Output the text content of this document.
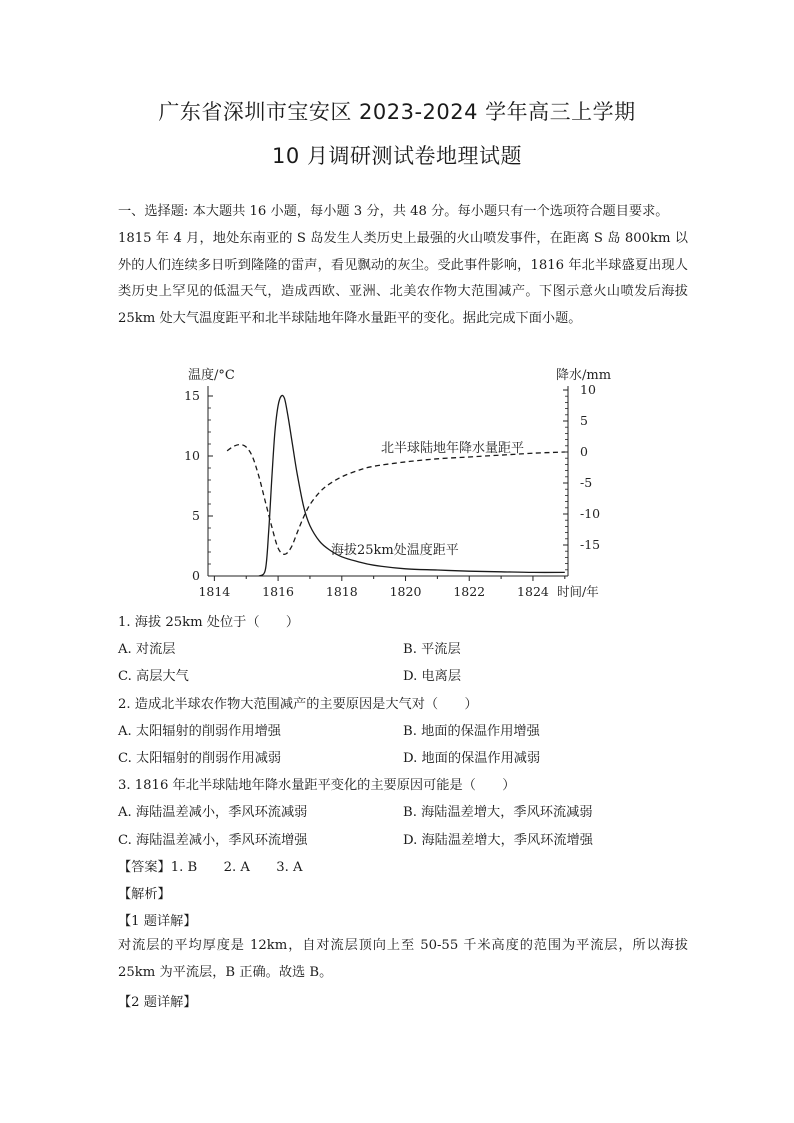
广东省深圳市宝安区 2023-2024 学年高三上学期
10 月调研测试卷地理试题
一、选择题: 本大题共 16 小题，每小题 3 分，共 48 分。每小题只有一个选项符合题目要求。
1815 年 4 月，地处东南亚的 S 岛发生人类历史上最强的火山喷发事件，在距离 S 岛 800km 以外的人们连续多日听到隆隆的雷声，看见飘动的灰尘。受此事件影响，1816 年北半球盛夏出现人类历史上罕见的低温天气，造成西欧、亚洲、北美农作物大范围减产。下图示意火山喷发后海拔 25km 处大气温度距平和北半球陆地年降水量距平的变化。据此完成下面小题。
1814	1816	1818	1820	1822	1824 时间/年
0
5
10
15
温度/°C
10
5
0
-5
-10
-15
降水/mm
北半球陆地年降水量距平
海拔25km处温度距平
1. 海拔 25km 处位于（　　）
A. 对流层	B. 平流层
C. 高层大气	D. 电离层
2. 造成北半球农作物大范围减产的主要原因是大气对（　　）
A. 太阳辐射的削弱作用增强	B. 地面的保温作用增强
C. 太阳辐射的削弱作用减弱	D. 地面的保温作用减弱
3. 1816 年北半球陆地年降水量距平变化的主要原因可能是（　　）
A. 海陆温差减小，季风环流减弱	B. 海陆温差增大，季风环流减弱
C. 海陆温差减小，季风环流增强	D. 海陆温差增大，季风环流增强
【答案】1. B　　2. A　　3. A
【解析】
【1 题详解】
对流层的平均厚度是 12km，自对流层顶向上至 50-55 千米高度的范围为平流层，所以海拔 25km 为平流层，B 正确。故选 B。
【2 题详解】
